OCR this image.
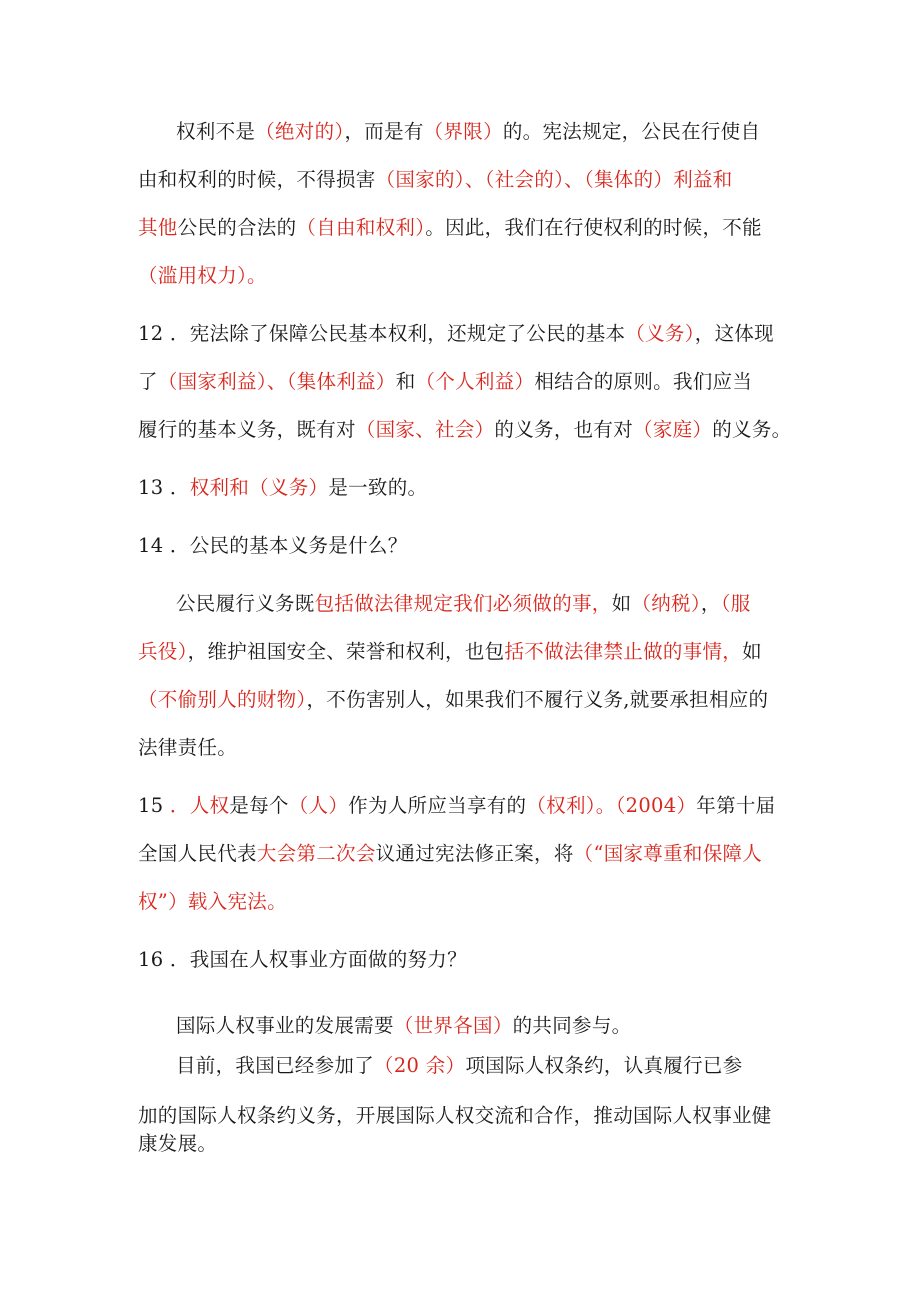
权利不是（绝对的），而是有（界限）的。宪法规定，公民在行使自
由和权利的时候，不得损害（国家的）、（社会的）、（集体的）利益和
其他公民的合法的（自由和权利）。因此，我们在行使权利的时候，不能
（滥用权力）。
12 ．宪法除了保障公民基本权利，还规定了公民的基本（义务），这体现
了（国家利益）、（集体利益）和（个人利益）相结合的原则。我们应当
履行的基本义务，既有对（国家、社会）的义务，也有对（家庭）的义务。
13 ．权利和（义务）是一致的。
14 ．公民的基本义务是什么？
公民履行义务既包括做法律规定我们必须做的事，如（纳税），（服
兵役），维护祖国安全、荣誉和权利，也包括不做法律禁止做的事情，如
（不偷别人的财物），不伤害别人，如果我们不履行义务,就要承担相应的
法律责任。
15 ．人权是每个（人）作为人所应当享有的（权利）。（2004）年第十届
全国人民代表大会第二次会议通过宪法修正案，将（“国家尊重和保障人
权”）载入宪法。
16 ．我国在人权事业方面做的努力？
国际人权事业的发展需要（世界各国）的共同参与。
目前，我国已经参加了（20 余）项国际人权条约，认真履行已参
加的国际人权条约义务，开展国际人权交流和合作，推动国际人权事业健
康发展。
